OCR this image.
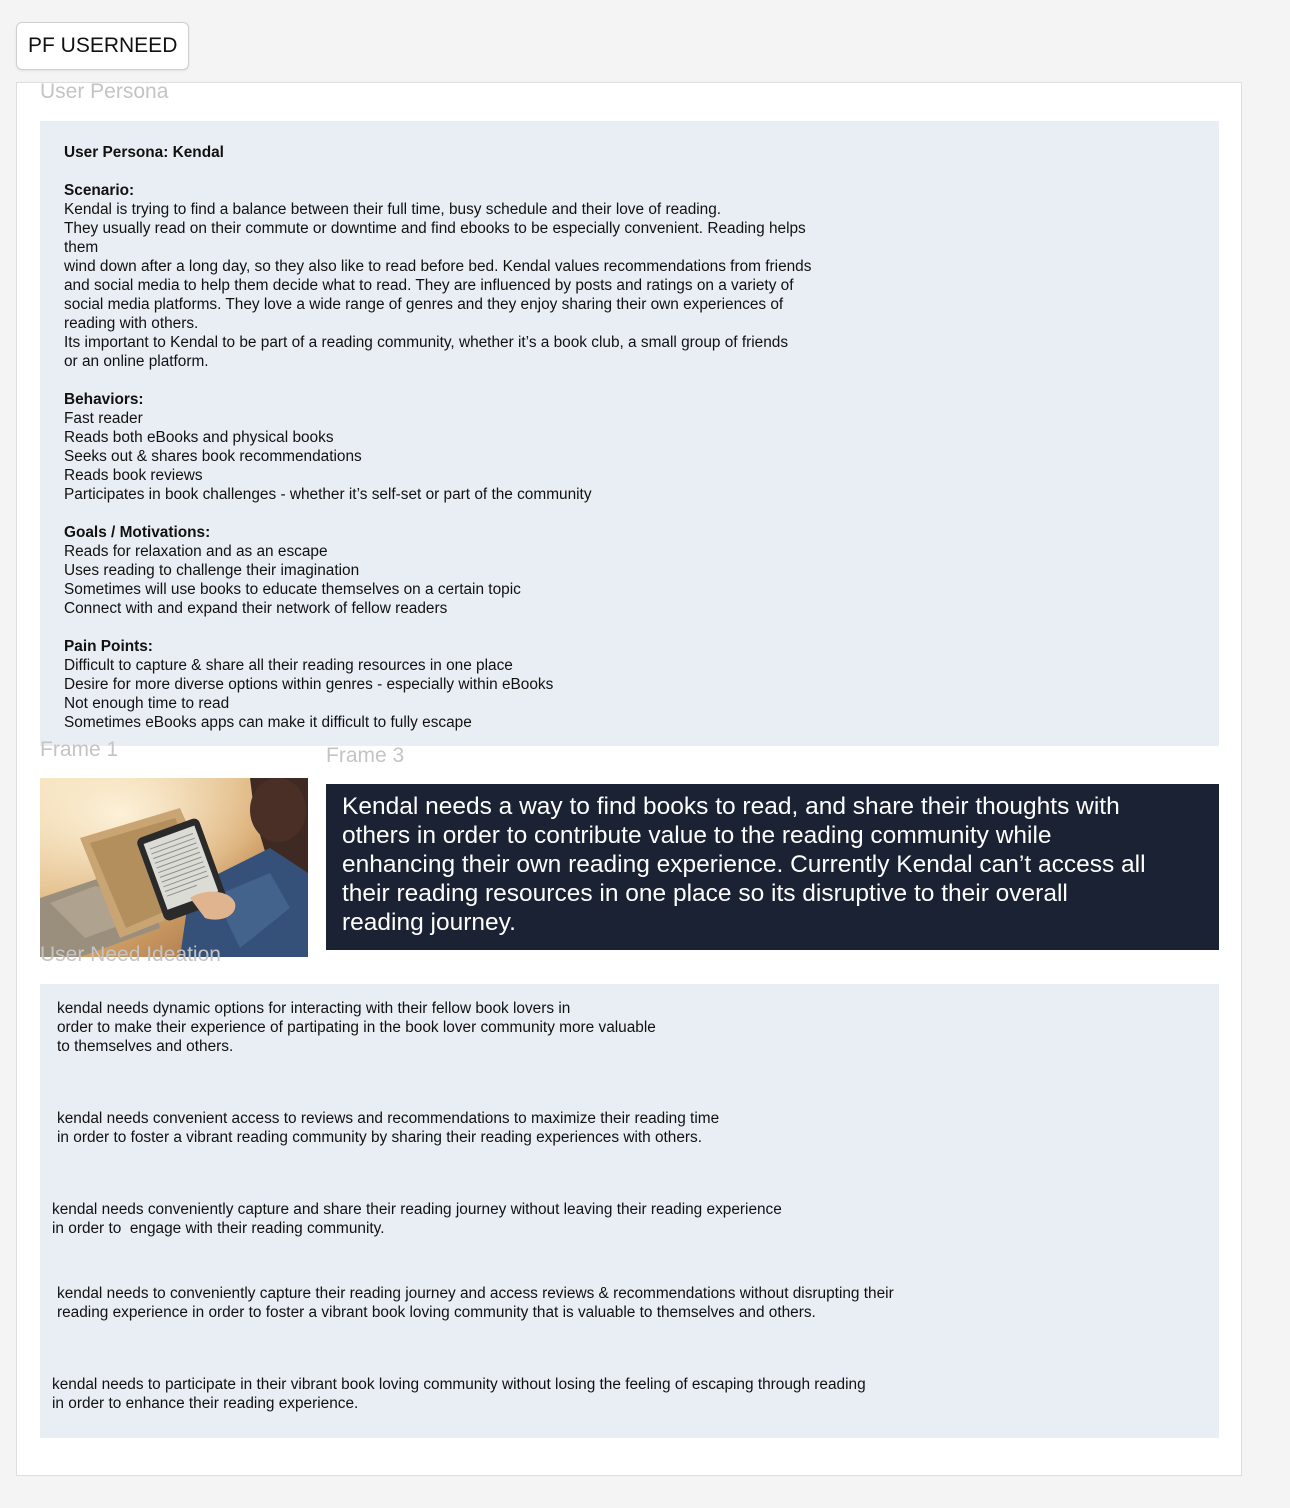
PF USERNEED
User Persona

User Persona: Kendal

Scenario:

Kendal is trying to find a balance between their full time, busy schedule and their love of reading.

They usually read on their commute or downtime and find ebooks to be especially convenient. Reading helps

them

wind down after a long day, so they also like to read before bed. Kendal values recommendations from friends

and social media to help them decide what to read. They are influenced by posts and ratings on a variety of

social media platforms. They love a wide range of genres and they enjoy sharing their own experiences of

reading with others.

Its important to Kendal to be part of a reading community, whether it’s a book club, a small group of friends

or an online platform.

Behaviors:

Fast reader

Reads both eBooks and physical books

Seeks out & shares book recommendations

Reads book reviews

Participates in book challenges - whether it’s self-set or part of the community

Goals / Motivations:

Reads for relaxation and as an escape

Uses reading to challenge their imagination

Sometimes will use books to educate themselves on a certain topic

Connect with and expand their network of fellow readers

Pain Points:

Difficult to capture & share all their reading resources in one place

Desire for more diverse options within genres - especially within eBooks

Not enough time to read

Sometimes eBooks apps can make it difficult to fully escape

Frame 1	Frame 3
Kendal needs a way to find books to read, and share their thoughts with
others in order to contribute value to the reading community while
enhancing their own reading experience. Currently Kendal can’t access all
their reading resources in one place so its disruptive to their overall
reading journey.
User Need Ideation
kendal needs dynamic options for interacting with their fellow book lovers in
order to make their experience of partipating in the book lover community more valuable
to themselves and others.
kendal needs convenient access to reviews and recommendations to maximize their reading time
in order to foster a vibrant reading community by sharing their reading experiences with others.
kendal needs conveniently capture and share their reading journey without leaving their reading experience
in order to  engage with their reading community.
kendal needs to conveniently capture their reading journey and access reviews & recommendations without disrupting their
reading experience in order to foster a vibrant book loving community that is valuable to themselves and others.
kendal needs to participate in their vibrant book loving community without losing the feeling of escaping through reading
in order to enhance their reading experience.
